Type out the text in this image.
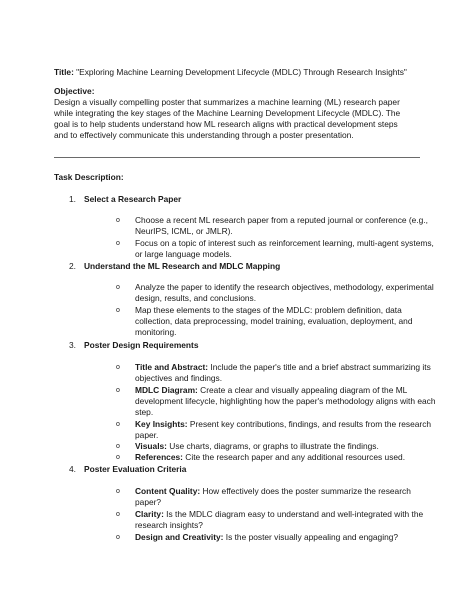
Title: "Exploring Machine Learning Development Lifecycle (MDLC) Through Research Insights"
Objective:
Design a visually compelling poster that summarizes a machine learning (ML) research paper
while integrating the key stages of the Machine Learning Development Lifecycle (MDLC). The
goal is to help students understand how ML research aligns with practical development steps
and to effectively communicate this understanding through a poster presentation.
Task Description:
1. Select a Research Paper
o Choose a recent ML research paper from a reputed journal or conference (e.g.,
NeurIPS, ICML, or JMLR).
o Focus on a topic of interest such as reinforcement learning, multi-agent systems,
or large language models.
2. Understand the ML Research and MDLC Mapping
o Analyze the paper to identify the research objectives, methodology, experimental
design, results, and conclusions.
o Map these elements to the stages of the MDLC: problem definition, data
collection, data preprocessing, model training, evaluation, deployment, and
monitoring.
3. Poster Design Requirements
o Title and Abstract: Include the paper's title and a brief abstract summarizing its
objectives and findings.
o MDLC Diagram: Create a clear and visually appealing diagram of the ML
development lifecycle, highlighting how the paper's methodology aligns with each
step.
o Key Insights: Present key contributions, findings, and results from the research
paper.
o Visuals: Use charts, diagrams, or graphs to illustrate the findings.
o References: Cite the research paper and any additional resources used.
4. Poster Evaluation Criteria
o Content Quality: How effectively does the poster summarize the research
paper?
o Clarity: Is the MDLC diagram easy to understand and well-integrated with the
research insights?
o Design and Creativity: Is the poster visually appealing and engaging?
